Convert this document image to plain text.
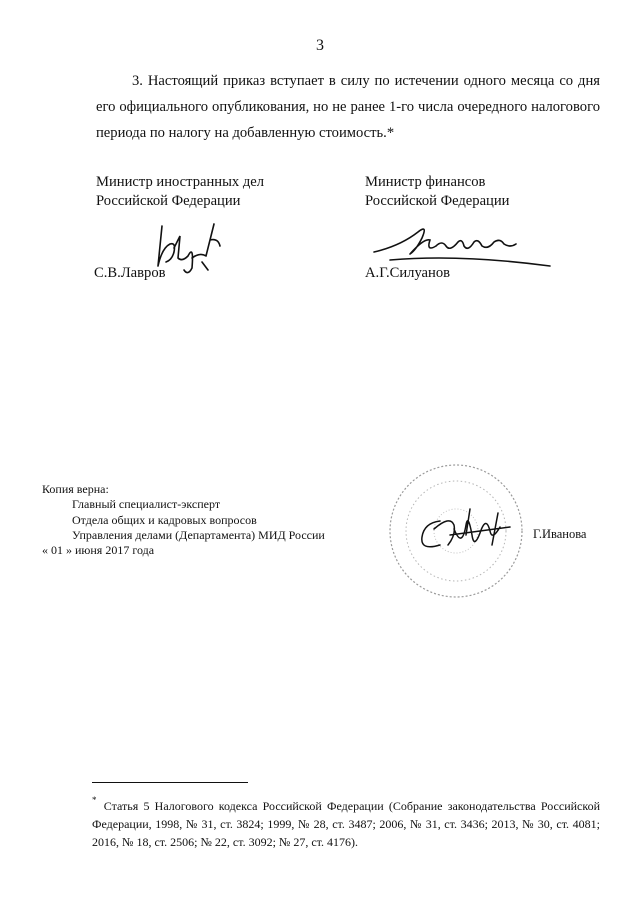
3
3. Настоящий приказ вступает в силу по истечении одного месяца со дня его официального опубликования, но не ранее 1-го числа очередного налогового периода по налогу на добавленную стоимость.*
Министр иностранных дел
Российской Федерации
С.В.Лавров
Министр финансов
Российской Федерации
А.Г.Силуанов
Копия верна:
Главный специалист-эксперт
Отдела общих и кадровых вопросов
Управления делами (Департамента) МИД России
« 01 » июня 2017 года
Г.Иванова
* Статья 5 Налогового кодекса Российской Федерации (Собрание законодательства Российской Федерации, 1998, № 31, ст. 3824; 1999, № 28, ст. 3487; 2006, № 31, ст. 3436; 2013, № 30, ст. 4081; 2016, № 18, ст. 2506; № 22, ст. 3092; № 27, ст. 4176).
